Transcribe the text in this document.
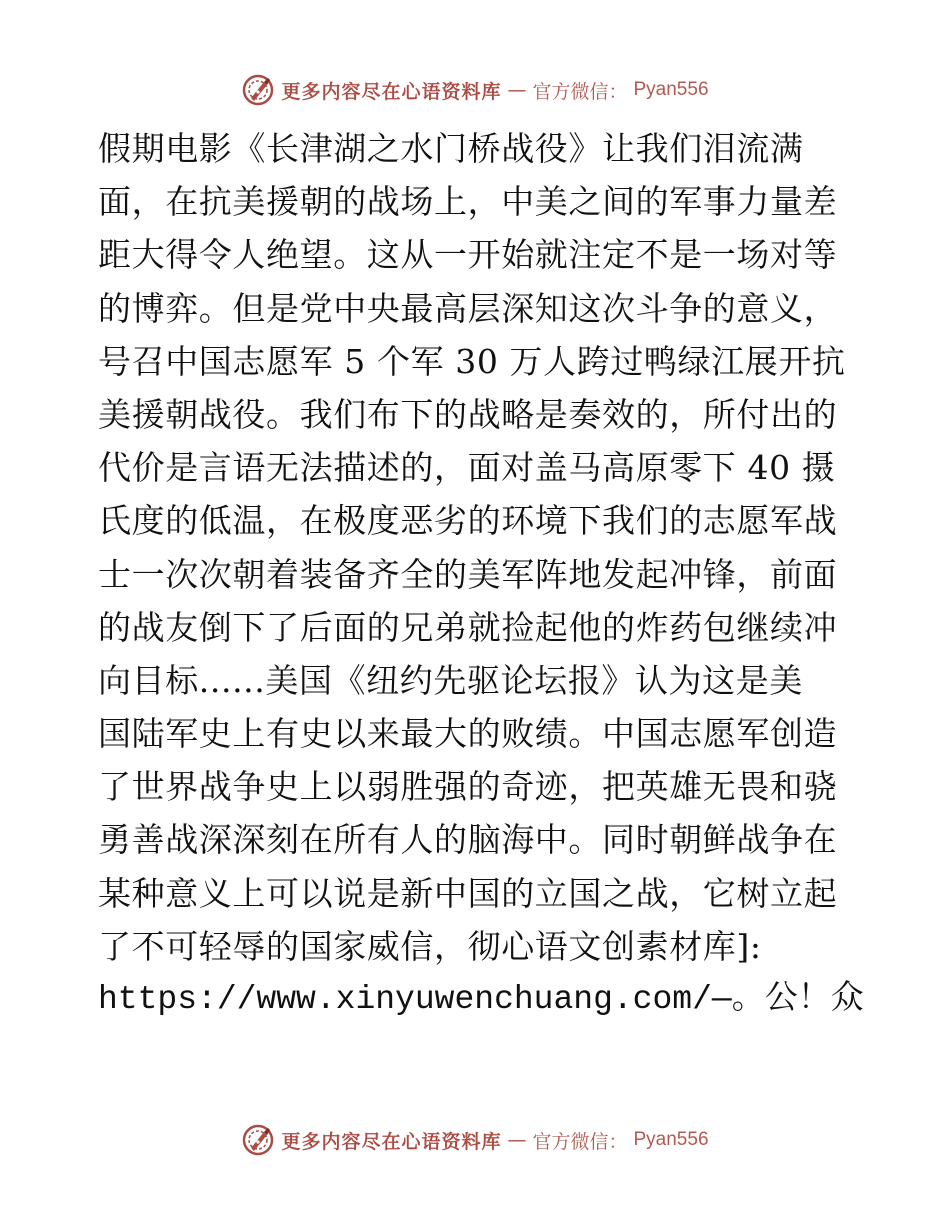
更多内容尽在心语资料库 — 官方微信： Pyan556
假期电影《长津湖之水门桥战役》让我们泪流满
面，在抗美援朝的战场上，中美之间的军事力量差
距大得令人绝望。这从一开始就注定不是一场对等
的博弈。但是党中央最高层深知这次斗争的意义，
号召中国志愿军 5 个军 30 万人跨过鸭绿江展开抗
美援朝战役。我们布下的战略是奏效的，所付出的
代价是言语无法描述的，面对盖马高原零下 40 摄
氏度的低温，在极度恶劣的环境下我们的志愿军战
士一次次朝着装备齐全的美军阵地发起冲锋，前面
的战友倒下了后面的兄弟就捡起他的炸药包继续冲
向目标......美国《纽约先驱论坛报》认为这是美
国陆军史上有史以来最大的败绩。中国志愿军创造
了世界战争史上以弱胜强的奇迹，把英雄无畏和骁
勇善战深深刻在所有人的脑海中。同时朝鲜战争在
某种意义上可以说是新中国的立国之战，它树立起
了不可轻辱的国家威信，彻心语文创素材库]:
https://www.xinyuwenchuang.com/—。公！众
更多内容尽在心语资料库 — 官方微信： Pyan556
